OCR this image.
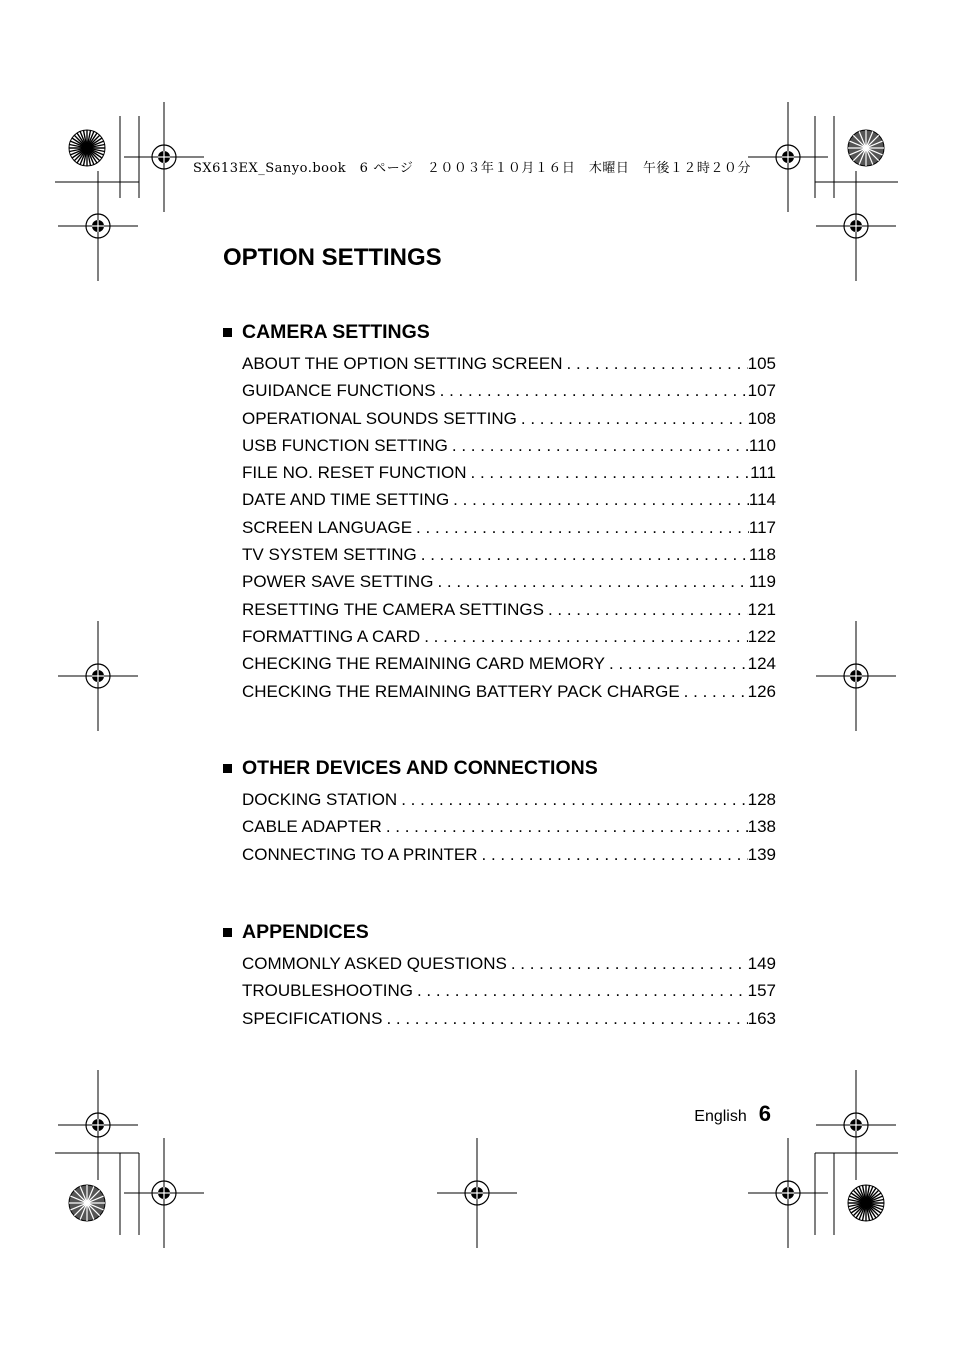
SX613EX_Sanyo.book　6 ページ　２００３年１０月１６日　木曜日　午後１２時２０分
OPTION SETTINGS
CAMERA SETTINGS
ABOUT THE OPTION SETTING SCREEN . . .	105
GUIDANCE FUNCTIONS . . .	107
OPERATIONAL SOUNDS SETTING . . .	108
USB FUNCTION SETTING . . .	110
FILE NO. RESET FUNCTION . . .	111
DATE AND TIME SETTING . . .	114
SCREEN LANGUAGE . . .	117
TV SYSTEM SETTING . . .	118
POWER SAVE SETTING . . .	119
RESETTING THE CAMERA SETTINGS . . .	121
FORMATTING A CARD . . .	122
CHECKING THE REMAINING CARD MEMORY . . .	124
CHECKING THE REMAINING BATTERY PACK CHARGE . . .	126
OTHER DEVICES AND CONNECTIONS
DOCKING STATION . . .	128
CABLE ADAPTER . . .	138
CONNECTING TO A PRINTER . . .	139
APPENDICES
COMMONLY ASKED QUESTIONS . . .	149
TROUBLESHOOTING . . .	157
SPECIFICATIONS . . .	163
English 6
